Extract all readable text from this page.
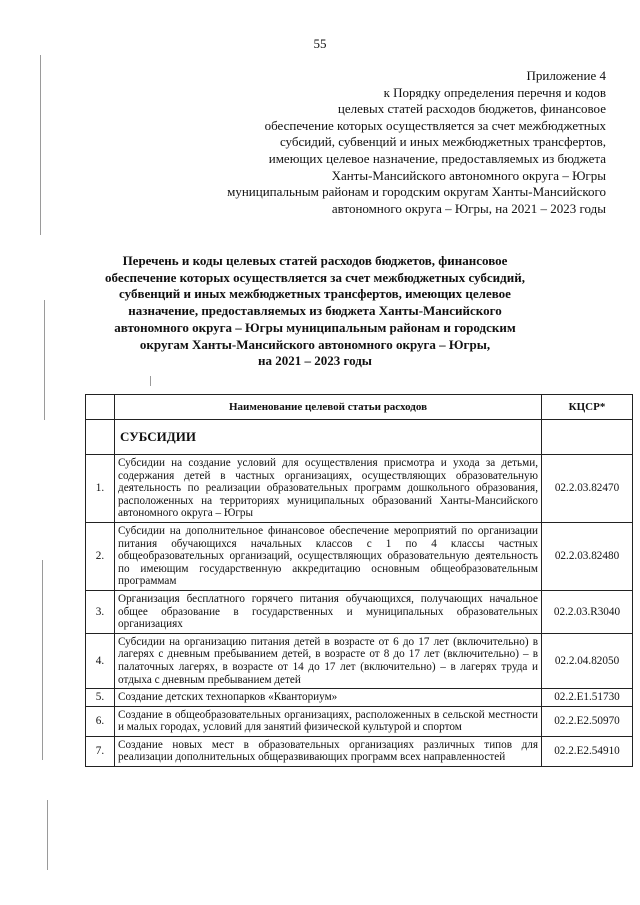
55
Приложение 4
к Порядку определения перечня и кодов
целевых статей расходов бюджетов, финансовое
обеспечение которых осуществляется за счет межбюджетных
субсидий, субвенций и иных межбюджетных трансфертов,
имеющих целевое назначение, предоставляемых из бюджета
Ханты-Мансийского автономного округа – Югры
муниципальным районам и городским округам Ханты-Мансийского
автономного округа – Югры, на 2021 – 2023 годы
Перечень и коды целевых статей расходов бюджетов, финансовое
обеспечение которых осуществляется за счет межбюджетных субсидий,
субвенций и иных межбюджетных трансфертов, имеющих целевое
назначение, предоставляемых из бюджета Ханты-Мансийского
автономного округа – Югры муниципальным районам и городским
округам Ханты-Мансийского автономного округа – Югры,
на 2021 – 2023 годы
	Наименование целевой статьи расходов	КЦСР*
	СУБСИДИИ	
1.	Субсидии на создание условий для осуществления присмотра и ухода за детьми, содержания детей в частных организациях, осуществляющих образовательную деятельность по реализации образовательных программ дошкольного образования, расположенных на территориях муниципальных образований Ханты-Мансийского автономного округа – Югры	02.2.03.82470
2.	Субсидии на дополнительное финансовое обеспечение мероприятий по организации питания обучающихся начальных классов с 1 по 4 классы частных общеобразовательных организаций, осуществляющих образовательную деятельность по имеющим государственную аккредитацию основным общеобразовательным программам	02.2.03.82480
3.	Организация бесплатного горячего питания обучающихся, получающих начальное общее образование в государственных и муниципальных образовательных организациях	02.2.03.R3040
4.	Субсидии на организацию питания детей в возрасте от 6 до 17 лет (включительно) в лагерях с дневным пребыванием детей, в возрасте от 8 до 17 лет (включительно) – в палаточных лагерях, в возрасте от 14 до 17 лет (включительно) – в лагерях труда и отдыха с дневным пребыванием детей	02.2.04.82050
5.	Создание детских технопарков «Кванториум»	02.2.E1.51730
6.	Создание в общеобразовательных организациях, расположенных в сельской местности и малых городах, условий для занятий физической культурой и спортом	02.2.E2.50970
7.	Создание новых мест в образовательных организациях различных типов для реализации дополнительных общеразвивающих программ всех направленностей	02.2.E2.54910
